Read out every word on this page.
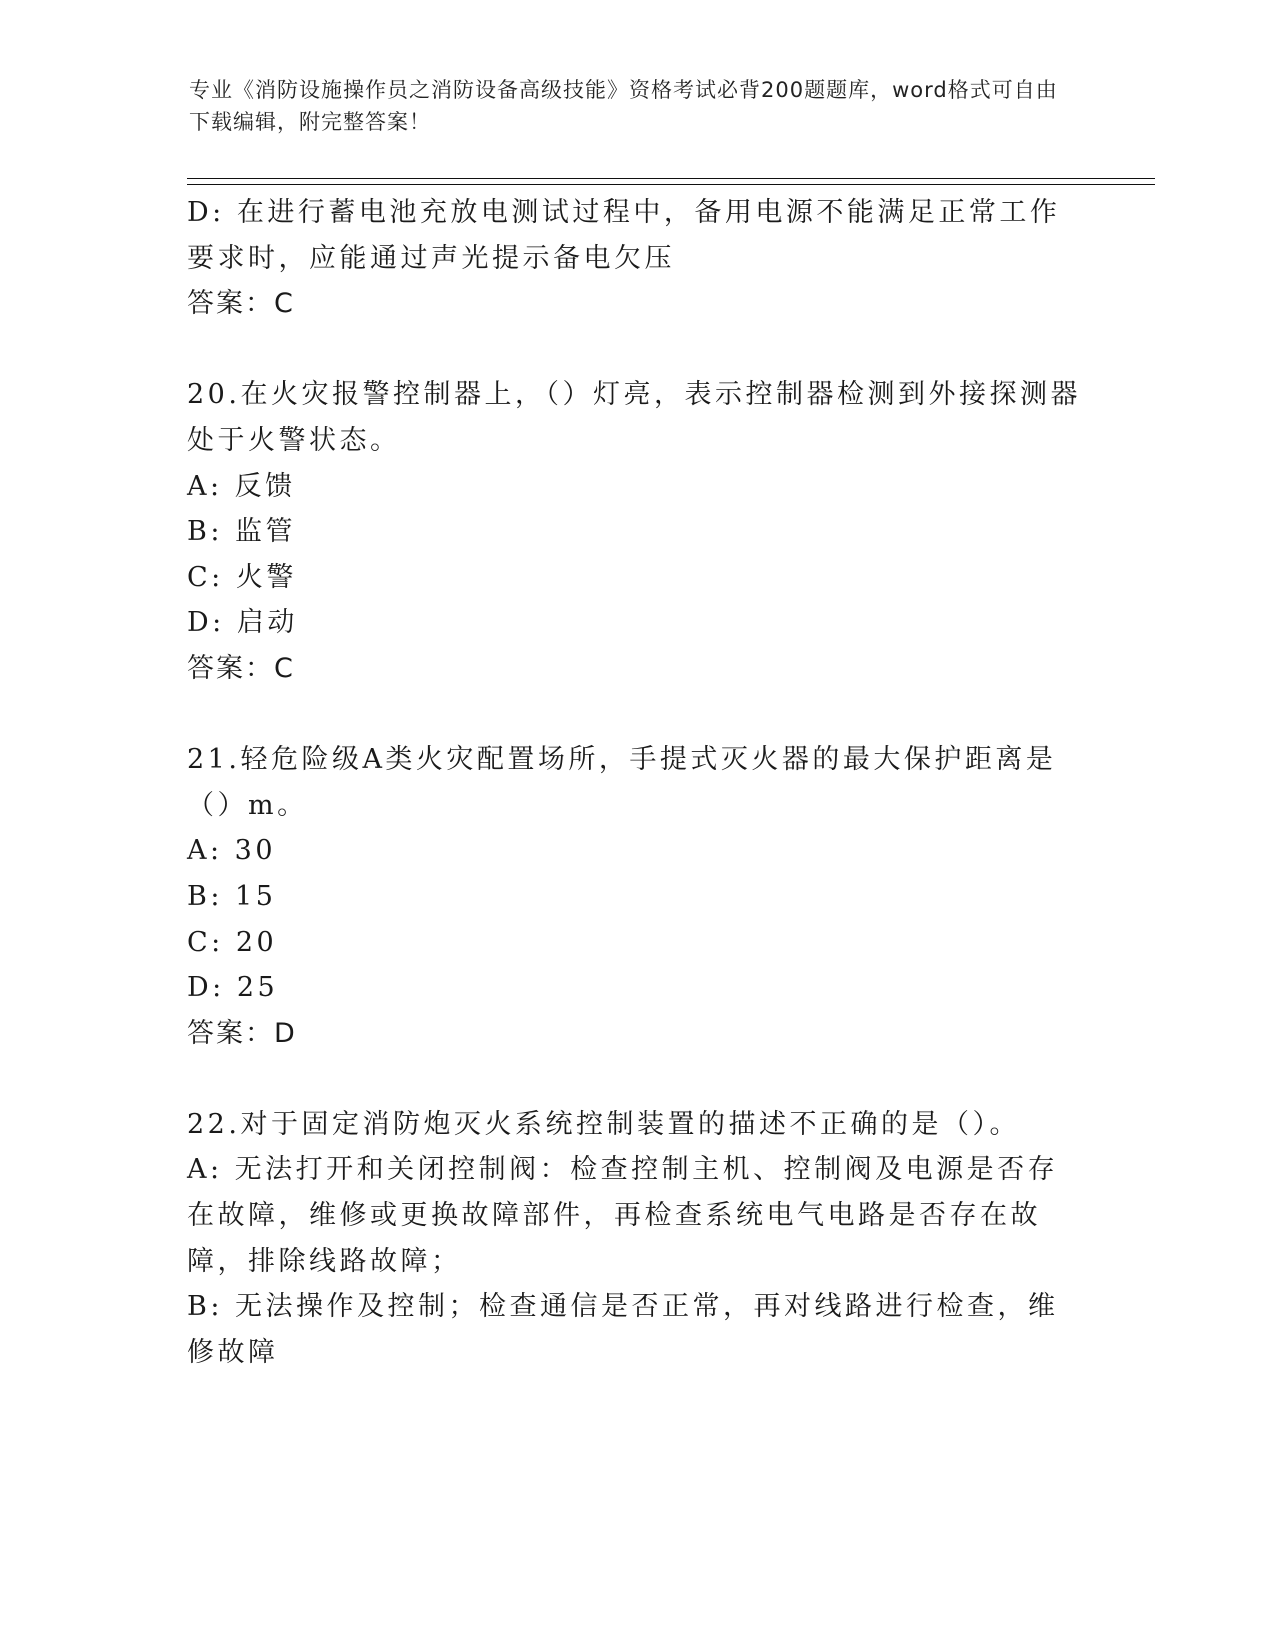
专业《消防设施操作员之消防设备高级技能》资格考试必背200题题库，word格式可自由下载编辑，附完整答案！

D: 在进行蓄电池充放电测试过程中，备用电源不能满足正常工作要求时，应能通过声光提示备电欠压

答案：C

20.在火灾报警控制器上，（）灯亮，表示控制器检测到外接探测器处于火警状态。

A: 反馈

B: 监管

C: 火警

D: 启动

答案：C

21.轻危险级A类火灾配置场所，手提式灭火器的最大保护距离是（）m。

A: 30

B: 15

C: 20

D: 25

答案：D

22.对于固定消防炮灭火系统控制装置的描述不正确的是（）。

A: 无法打开和关闭控制阀：检查控制主机、控制阀及电源是否存在故障，维修或更换故障部件，再检查系统电气电路是否存在故障，排除线路故障；

B: 无法操作及控制；检查通信是否正常，再对线路进行检查，维修故障
